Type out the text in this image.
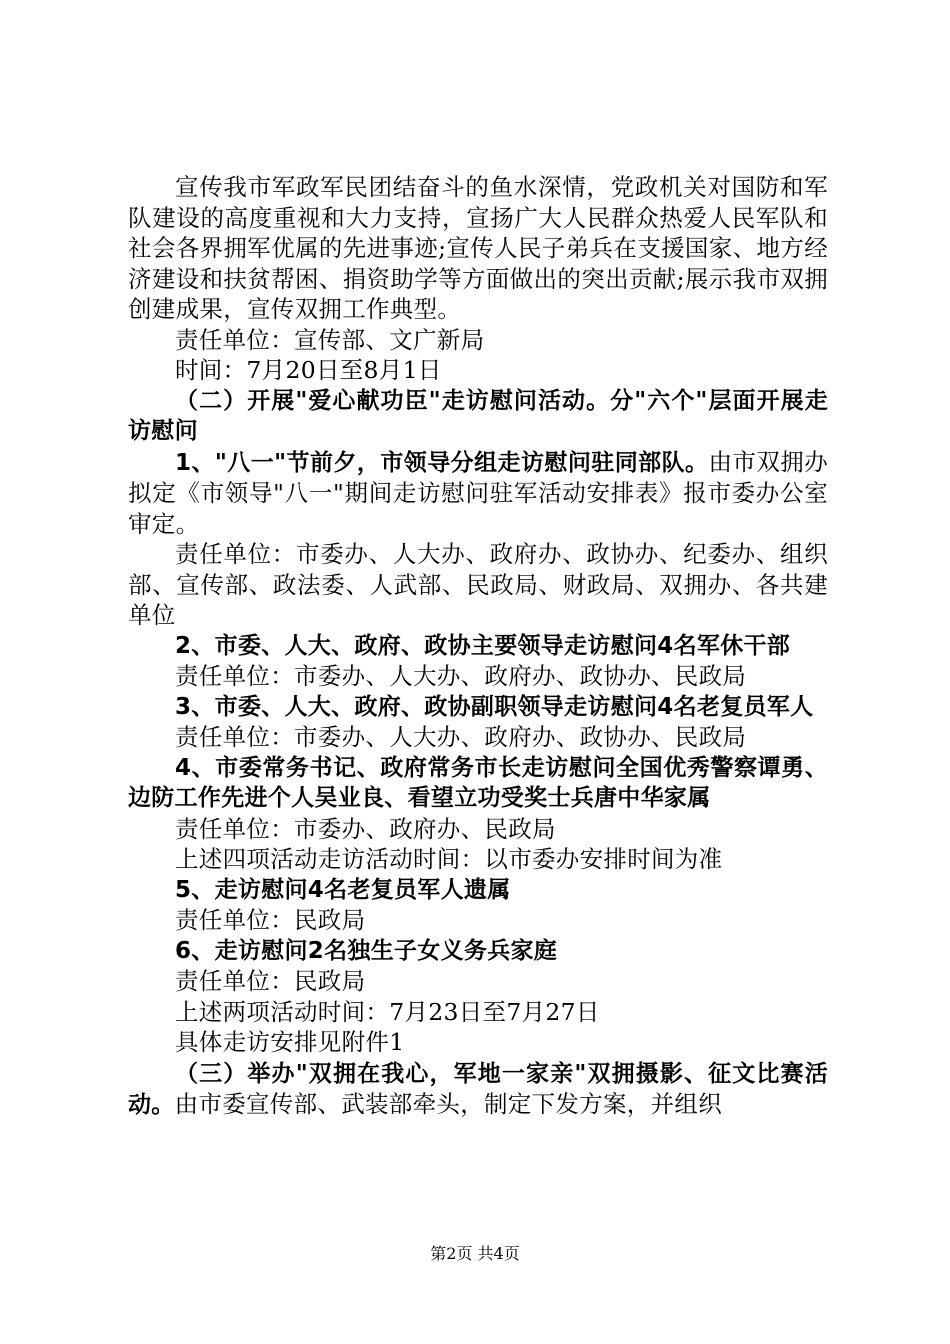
宣传我市军政军民团结奋斗的鱼水深情，党政机关对国防和军队建设的高度重视和大力支持，宣扬广大人民群众热爱人民军队和社会各界拥军优属的先进事迹;宣传人民子弟兵在支援国家、地方经济建设和扶贫帮困、捐资助学等方面做出的突出贡献;展示我市双拥创建成果，宣传双拥工作典型。

责任单位：宣传部、文广新局

时间：7月20日至8月1日

（二）开展"爱心献功臣"走访慰问活动。分"六个"层面开展走访慰问

1、"八一"节前夕，市领导分组走访慰问驻同部队。由市双拥办拟定《市领导"八一"期间走访慰问驻军活动安排表》报市委办公室审定。

责任单位：市委办、人大办、政府办、政协办、纪委办、组织部、宣传部、政法委、人武部、民政局、财政局、双拥办、各共建单位

2、市委、人大、政府、政协主要领导走访慰问4名军休干部

责任单位：市委办、人大办、政府办、政协办、民政局

3、市委、人大、政府、政协副职领导走访慰问4名老复员军人

责任单位：市委办、人大办、政府办、政协办、民政局

4、市委常务书记、政府常务市长走访慰问全国优秀警察谭勇、边防工作先进个人吴业良、看望立功受奖士兵唐中华家属

责任单位：市委办、政府办、民政局

上述四项活动走访活动时间：以市委办安排时间为准

5、走访慰问4名老复员军人遗属

责任单位：民政局

6、走访慰问2名独生子女义务兵家庭

责任单位：民政局

上述两项活动时间：7月23日至7月27日

具体走访安排见附件1

（三）举办"双拥在我心，军地一家亲"双拥摄影、征文比赛活动。由市委宣传部、武装部牵头，制定下发方案，并组织

第2页 共4页
